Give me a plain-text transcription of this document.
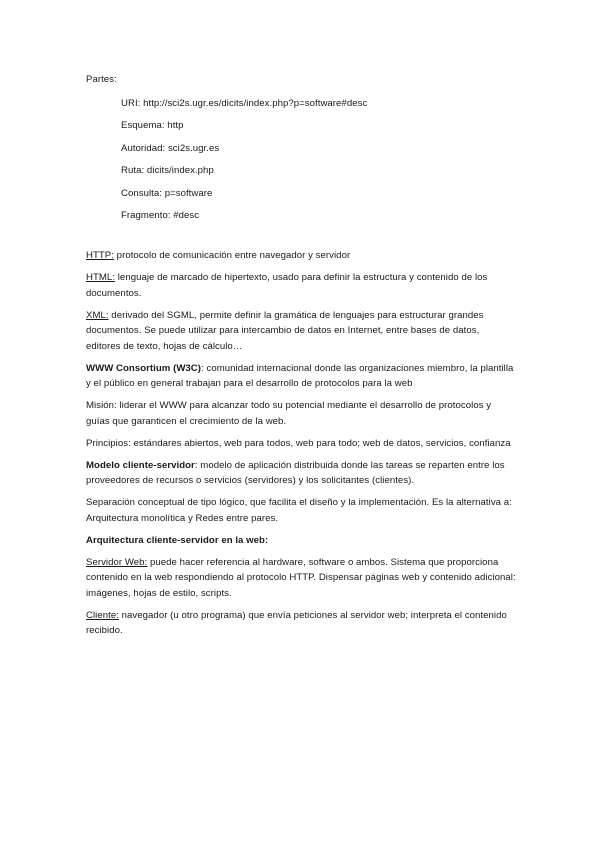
Partes:

URI: http://sci2s.ugr.es/dicits/index.php?p=software#desc
Esquema: http
Autoridad: sci2s.ugr.es
Ruta: dicits/index.php
Consulta: p=software
Fragmento: #desc

HTTP: protocolo de comunicación entre navegador y servidor

HTML: lenguaje de marcado de hipertexto, usado para definir la estructura y contenido de los documentos.

XML: derivado del SGML, permite definir la gramática de lenguajes para estructurar grandes documentos. Se puede utilizar para intercambio de datos en Internet, entre bases de datos, editores de texto, hojas de cálculo…

WWW Consortium (W3C): comunidad internacional donde las organizaciones miembro, la plantilla y el público en general trabajan para el desarrollo de protocolos para la web

Misión: liderar el WWW para alcanzar todo su potencial mediante el desarrollo de protocolos y guías que garanticen el crecimiento de la web.

Principios: estándares abiertos, web para todos, web para todo; web de datos, servicios, confianza

Modelo cliente-servidor: modelo de aplicación distribuida donde las tareas se reparten entre los proveedores de recursos o servicios (servidores) y los solicitantes (clientes).

Separación conceptual de tipo lógico, que facilita el diseño y la implementación. Es la alternativa a: Arquitectura monolítica y Redes entre pares.

Arquitectura cliente-servidor en la web:

Servidor Web: puede hacer referencia al hardware, software o ambos. Sistema que proporciona contenido en la web respondiendo al protocolo HTTP. Dispensar páginas web y contenido adicional: imágenes, hojas de estilo, scripts.

Cliente: navegador (u otro programa) que envía peticiones al servidor web; interpreta el contenido recibido.
